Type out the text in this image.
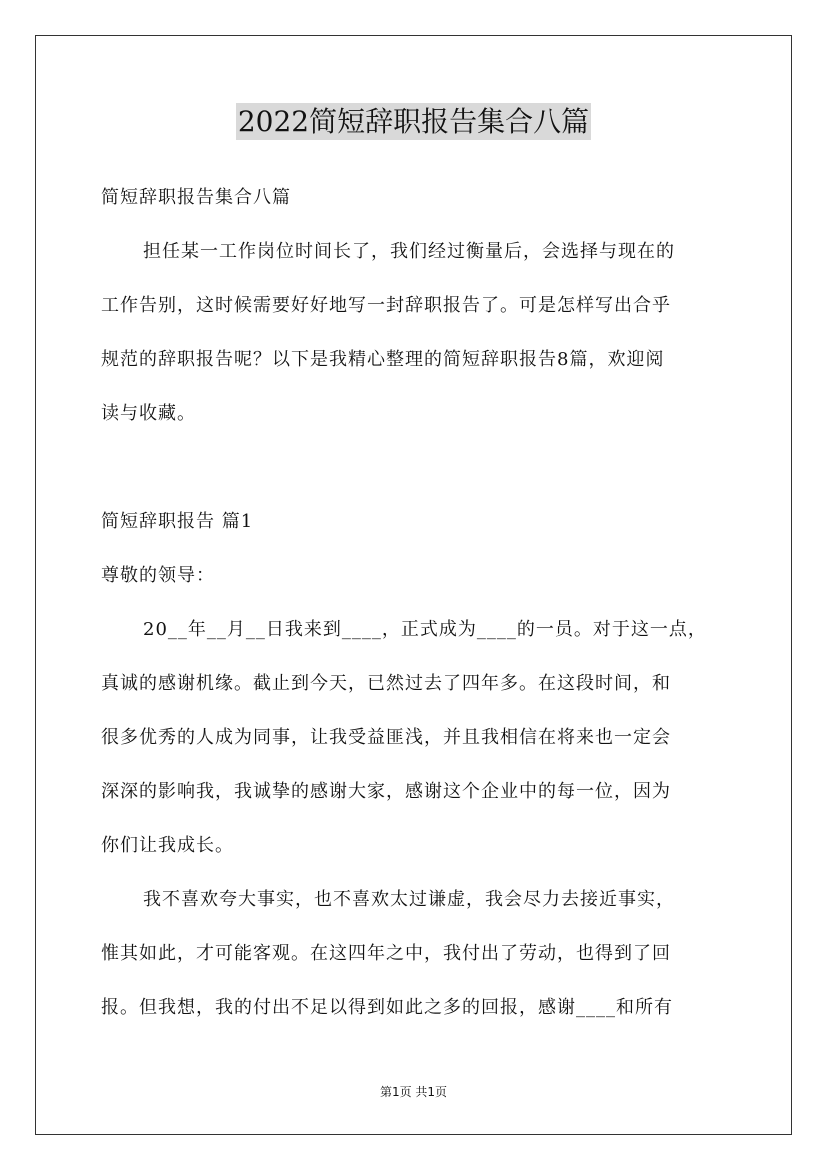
2022简短辞职报告集合八篇
简短辞职报告集合八篇
担任某一工作岗位时间长了，我们经过衡量后，会选择与现在的
工作告别，这时候需要好好地写一封辞职报告了。可是怎样写出合乎
规范的辞职报告呢？以下是我精心整理的简短辞职报告8篇，欢迎阅
读与收藏。
简短辞职报告 篇1
尊敬的领导：
20__年__月__日我来到____，正式成为____的一员。对于这一点，
真诚的感谢机缘。截止到今天，已然过去了四年多。在这段时间，和
很多优秀的人成为同事，让我受益匪浅，并且我相信在将来也一定会
深深的影响我，我诚挚的感谢大家，感谢这个企业中的每一位，因为
你们让我成长。
我不喜欢夸大事实，也不喜欢太过谦虚，我会尽力去接近事实，
惟其如此，才可能客观。在这四年之中，我付出了劳动，也得到了回
报。但我想，我的付出不足以得到如此之多的回报，感谢____和所有
第1页 共1页
